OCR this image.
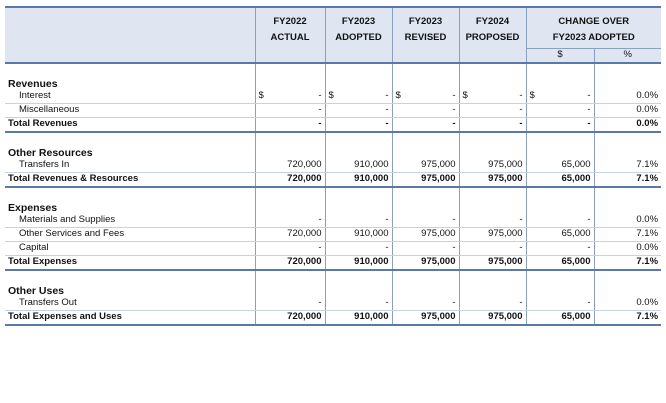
	FY2022	FY2023	FY2023	FY2024	CHANGE OVER	
	ACTUAL	ADOPTED	REVISED	PROPOSED	FY2023 ADOPTED	
					$	%

Revenues						
Interest	$ -	$ -	$ -	$ -	$ -	0.0%
Miscellaneous	-	-	-	-	-	0.0%
Total Revenues	-	-	-	-	-	0.0%

Other Resources						
Transfers In	720,000	910,000	975,000	975,000	65,000	7.1%
Total Revenues & Resources	720,000	910,000	975,000	975,000	65,000	7.1%

Expenses						
Materials and Supplies	-	-	-	-	-	0.0%
Other Services and Fees	720,000	910,000	975,000	975,000	65,000	7.1%
Capital	-	-	-	-	-	0.0%
Total Expenses	720,000	910,000	975,000	975,000	65,000	7.1%

Other Uses						
Transfers Out	-	-	-	-	-	0.0%
Total Expenses and Uses	720,000	910,000	975,000	975,000	65,000	7.1%
